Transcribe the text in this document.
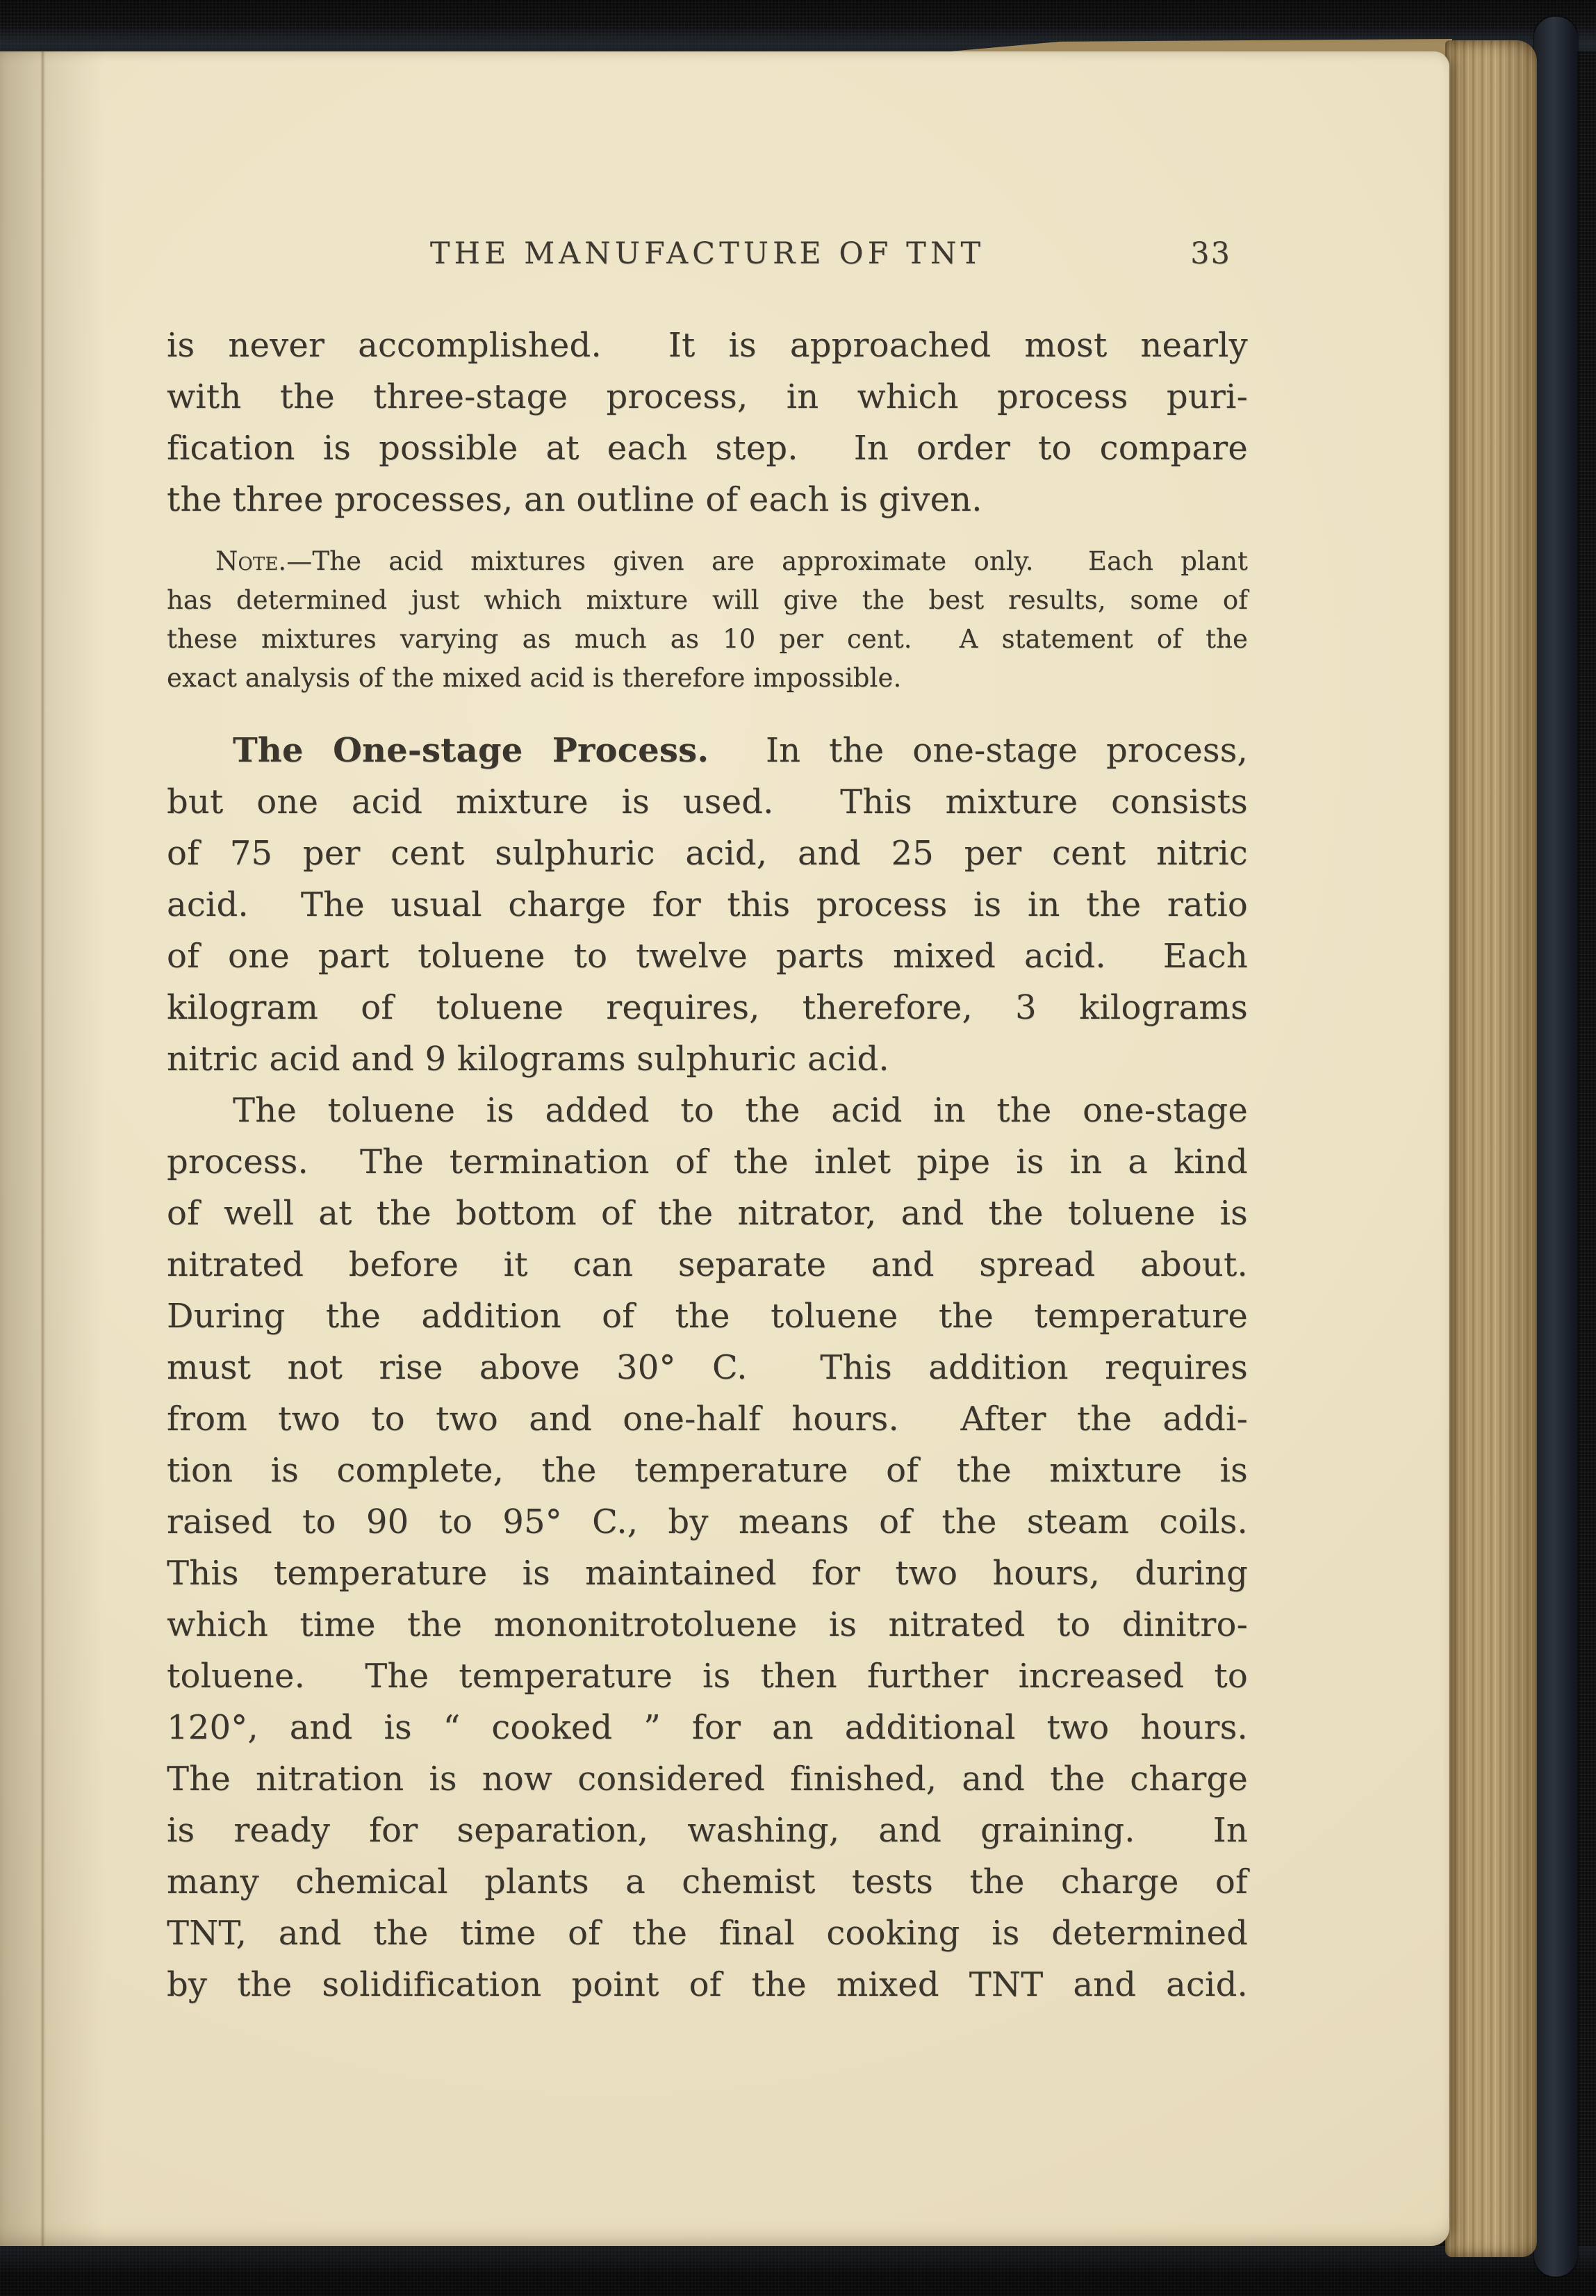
THE MANUFACTURE OF TNT	33
is never accomplished.  It is approached most nearly
with the three-stage process, in which process puri-
fication is possible at each step.  In order to compare
the three processes, an outline of each is given.
Note.—The acid mixtures given are approximate only.  Each plant
has determined just which mixture will give the best results, some of
these mixtures varying as much as 10 per cent.  A statement of the
exact analysis of the mixed acid is therefore impossible.
The One-stage Process.  In the one-stage process,
but one acid mixture is used.  This mixture consists
of 75 per cent sulphuric acid, and 25 per cent nitric
acid.  The usual charge for this process is in the ratio
of one part toluene to twelve parts mixed acid.  Each
kilogram of toluene requires, therefore, 3 kilograms
nitric acid and 9 kilograms sulphuric acid.
The toluene is added to the acid in the one-stage
process.  The termination of the inlet pipe is in a kind
of well at the bottom of the nitrator, and the toluene is
nitrated before it can separate and spread about.
During the addition of the toluene the temperature
must not rise above 30° C.  This addition requires
from two to two and one-half hours.  After the addi-
tion is complete, the temperature of the mixture is
raised to 90 to 95° C., by means of the steam coils.
This temperature is maintained for two hours, during
which time the mononitrotoluene is nitrated to dinitro-
toluene.  The temperature is then further increased to
120°, and is “ cooked ” for an additional two hours.
The nitration is now considered finished, and the charge
is ready for separation, washing, and graining.  In
many chemical plants a chemist tests the charge of
TNT, and the time of the final cooking is determined
by the solidification point of the mixed TNT and acid.
